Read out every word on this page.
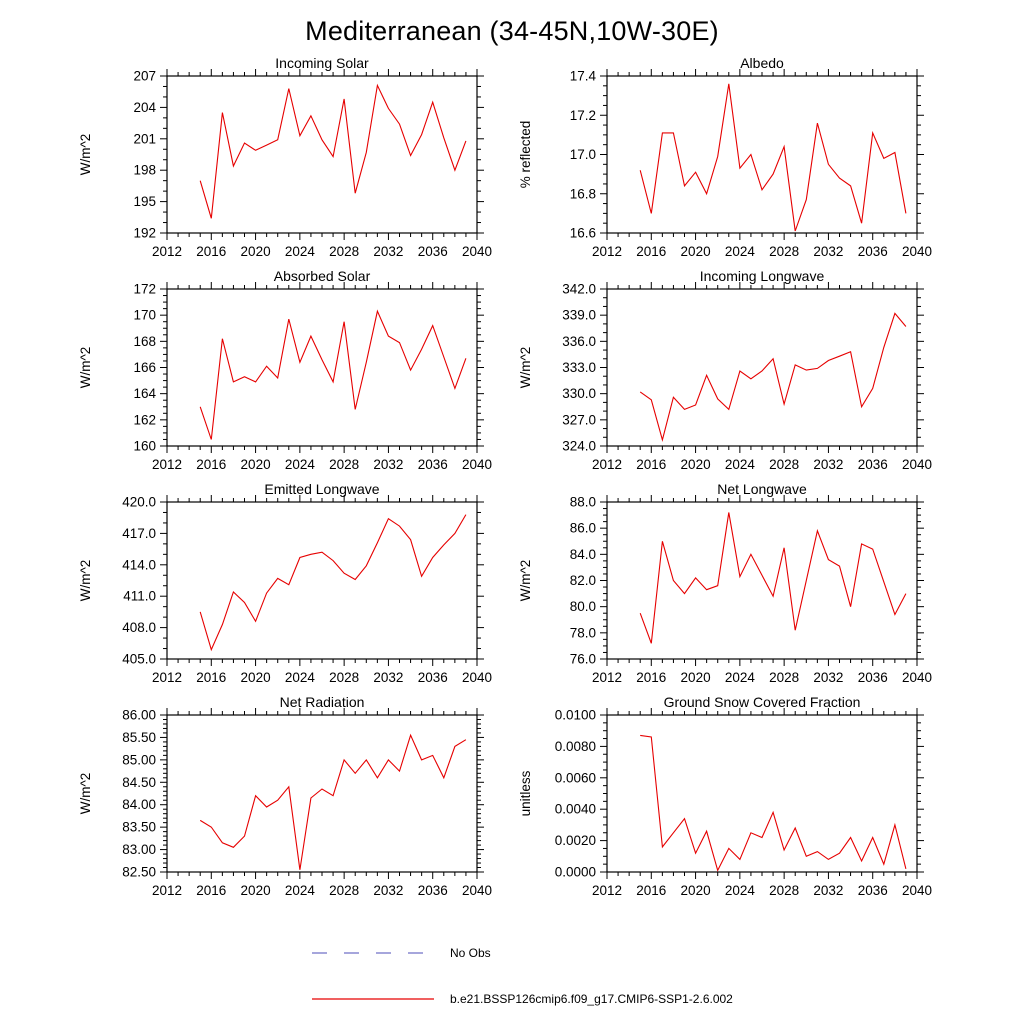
Mediterranean (34-45N,10W-30E)
2012 2016 2020 2024 2028 2032 2036 2040
192
195
198
201
204
207
Incoming Solar
W/m^2
2012 2016 2020 2024 2028 2032 2036 2040
16.6
16.8
17.0
17.2
17.4
Albedo
% reflected
2012 2016 2020 2024 2028 2032 2036 2040
160
162
164
166
168
170
172
Absorbed Solar
W/m^2
2012 2016 2020 2024 2028 2032 2036 2040
324.0
327.0
330.0
333.0
336.0
339.0
342.0
Incoming Longwave
W/m^2
2012 2016 2020 2024 2028 2032 2036 2040
405.0
408.0
411.0
414.0
417.0
420.0
Emitted Longwave
W/m^2
2012 2016 2020 2024 2028 2032 2036 2040
76.0
78.0
80.0
82.0
84.0
86.0
88.0
Net Longwave
W/m^2
2012 2016 2020 2024 2028 2032 2036 2040
82.50
83.00
83.50
84.00
84.50
85.00
85.50
86.00
Net Radiation
W/m^2
2012 2016 2020 2024 2028 2032 2036 2040
0.0000
0.0020
0.0040
0.0060
0.0080
0.0100
Ground Snow Covered Fraction
unitless
No Obs
b.e21.BSSP126cmip6.f09_g17.CMIP6-SSP1-2.6.002
